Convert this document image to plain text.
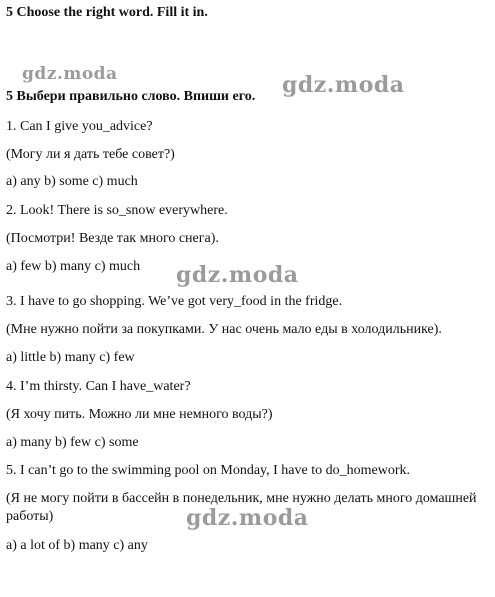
gdz.moda	gdz.moda
gdz.moda
gdz.moda
5 Choose the right word. Fill it in.
5 Выбери правильно слово. Впиши его.
1. Can I give you_advice?
(Могу ли я дать тебе совет?)
a) any b) some c) much
2. Look! There is so_snow everywhere.
(Посмотри! Везде так много снега).
a) few b) many c) much
3. I have to go shopping. We’ve got very_food in the fridge.
(Мне нужно пойти за покупками. У нас очень мало еды в холодильнике).
a) little b) many c) few
4. I’m thirsty. Can I have_water?
(Я хочу пить. Можно ли мне немного воды?)
a) many b) few c) some
5. I can’t go to the swimming pool on Monday, I have to do_homework.
(Я не могу пойти в бассейн в понедельник, мне нужно делать много домашней работы)
a) a lot of b) many c) any
